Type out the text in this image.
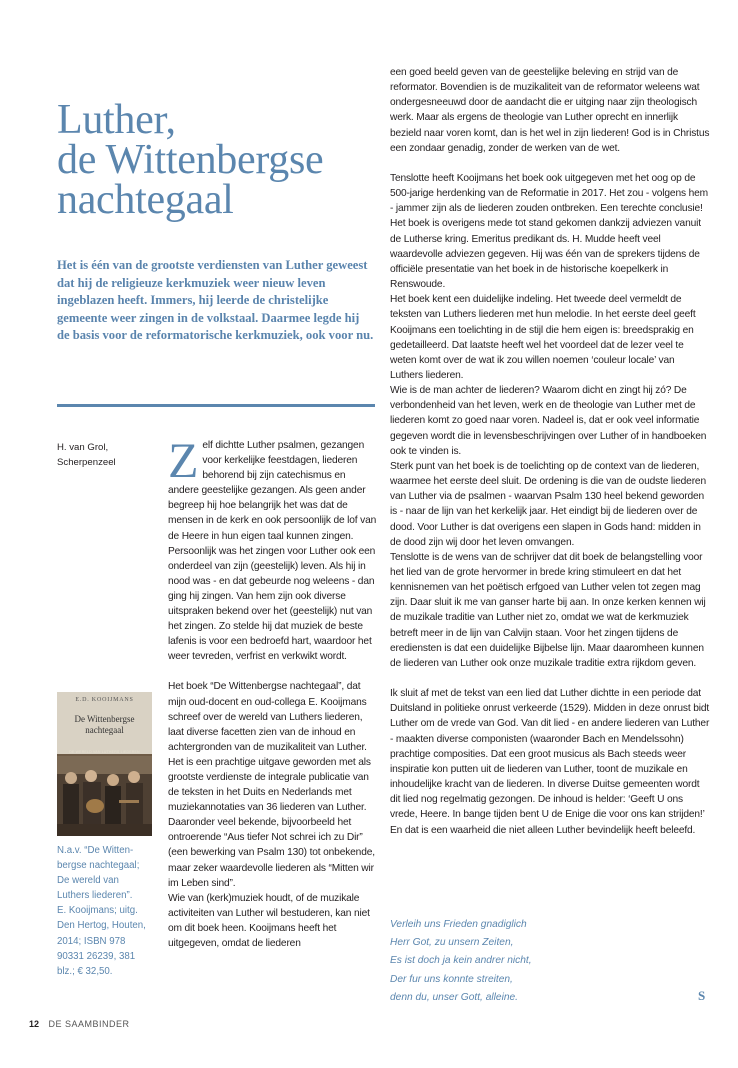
Luther,
de Wittenbergse
nachtegaal

Het is één van de grootste verdiensten van Luther geweest dat hij de religieuze kerkmuziek weer nieuw leven ingeblazen heeft. Immers, hij leerde de christelijke gemeente weer zingen in de volkstaal. Daarmee legde hij de basis voor de reformatorische kerkmuziek, ook voor nu.

H. van Grol,
Scherpenzeel	Z elf dichtte Luther psalmen, gezangen voor kerkelijke feestdagen, liederen behorend bij zijn catechismus en andere geestelijke gezangen. Als geen ander begreep hij hoe belangrijk het was dat de mensen in de kerk en ook persoonlijk de lof van de Heere in hun eigen taal kunnen zingen. Persoonlijk was het zingen voor Luther ook een onderdeel van zijn (geestelijk) leven. Als hij in nood was - en dat gebeurde nog weleens - dan ging hij zingen. Van hem zijn ook diverse uitspraken bekend over het (geestelijk) nut van het zingen. Zo stelde hij dat muziek de beste lafenis is voor een bedroefd hart, waardoor het weer tevreden, verfrist en verkwikt wordt.

Het boek “De Wittenbergse nachtegaal”, dat mijn oud-docent en oud-collega E. Kooijmans schreef over de wereld van Luthers liederen, laat diverse facetten zien van de inhoud en achtergronden van de muzikaliteit van Luther. Het is een prachtige uitgave geworden met als grootste verdienste de integrale publicatie van de teksten in het Duits en Nederlands met muziekannotaties van 36 liederen van Luther. Daaronder veel bekende, bijvoorbeeld het ontroerende “Aus tiefer Not schrei ich zu Dir” (een bewerking van Psalm 130) tot onbekende, maar zeker waardevolle liederen als “Mitten wir im Leben sind”.

Wie van (kerk)muziek houdt, of de muzikale activiteiten van Luther wil bestuderen, kan niet om dit boek heen. Kooijmans heeft het uitgegeven, omdat de liederen

E.D. KOOIJMANS
De Wittenbergse nachtegaal
DE WERELD VAN LUTHERS LIEDEREN
N.a.v. “De Witten-
bergse nachtegaal;
De wereld van
Luthers liederen”.
E. Kooijmans; uitg.
Den Hertog, Houten,
2014; ISBN 978
90331 26239, 381
blz.; € 32,50.

een goed beeld geven van de geestelijke beleving en strijd van de reformator. Bovendien is de muzikaliteit van de reformator weleens wat ondergesneeuwd door de aandacht die er uitging naar zijn theologisch werk. Maar als ergens de theologie van Luther oprecht en innerlijk bezield naar voren komt, dan is het wel in zijn liederen! God is in Christus een zondaar genadig, zonder de werken van de wet.

Tenslotte heeft Kooijmans het boek ook uitgegeven met het oog op de 500-jarige herdenking van de Reformatie in 2017. Het zou - volgens hem - jammer zijn als de liederen zouden ontbreken. Een terechte conclusie!

Het boek is overigens mede tot stand gekomen dankzij adviezen vanuit de Lutherse kring. Emeritus predikant ds. H. Mudde heeft veel waardevolle adviezen gegeven. Hij was één van de sprekers tijdens de officiële presentatie van het boek in de historische koepelkerk in Renswoude.

Het boek kent een duidelijke indeling. Het tweede deel vermeldt de teksten van Luthers liederen met hun melodie. In het eerste deel geeft Kooijmans een toelichting in de stijl die hem eigen is: breedsprakig en gedetailleerd. Dat laatste heeft wel het voordeel dat de lezer veel te weten komt over de wat ik zou willen noemen ‘couleur locale’ van Luthers liederen.

Wie is de man achter de liederen? Waarom dicht en zingt hij zó? De verbondenheid van het leven, werk en de theologie van Luther met de liederen komt zo goed naar voren. Nadeel is, dat er ook veel informatie gegeven wordt die in levensbeschrijvingen over Luther of in handboeken ook te vinden is.

Sterk punt van het boek is de toelichting op de context van de liederen, waarmee het eerste deel sluit. De ordening is die van de oudste liederen van Luther via de psalmen - waarvan Psalm 130 heel bekend geworden is - naar de lijn van het kerkelijk jaar. Het eindigt bij de liederen over de dood. Voor Luther is dat overigens een slapen in Gods hand: midden in de dood zijn wij door het leven omvangen.

Tenslotte is de wens van de schrijver dat dit boek de belangstelling voor het lied van de grote hervormer in brede kring stimuleert en dat het kennisnemen van het poëtisch erfgoed van Luther velen tot zegen mag zijn. Daar sluit ik me van ganser harte bij aan. In onze kerken kennen wij de muzikale traditie van Luther niet zo, omdat we wat de kerkmuziek betreft meer in de lijn van Calvijn staan. Voor het zingen tijdens de erediensten is dat een duidelijke Bijbelse lijn. Maar daaromheen kunnen de liederen van Luther ook onze muzikale traditie extra rijkdom geven.

Ik sluit af met de tekst van een lied dat Luther dichtte in een periode dat Duitsland in politieke onrust verkeerde (1529). Midden in deze onrust bidt Luther om de vrede van God. Van dit lied - en andere liederen van Luther - maakten diverse componisten (waaronder Bach en Mendelssohn) prachtige composities. Dat een groot musicus als Bach steeds weer inspiratie kon putten uit de liederen van Luther, toont de muzikale en inhoudelijke kracht van de liederen. In diverse Duitse gemeenten wordt dit lied nog regelmatig gezongen. De inhoud is helder: ‘Geeft U ons vrede, Heere. In bange tijden bent U de Enige die voor ons kan strijden!’ En dat is een waarheid die niet alleen Luther bevindelijk heeft beleefd.

Verleih uns Frieden gnadiglich
Herr Got, zu unsern Zeiten,
Es ist doch ja kein andrer nicht,
Der fur uns konnte streiten,
denn du, unser Gott, alleine.	S
12 DE SAAMBINDER
